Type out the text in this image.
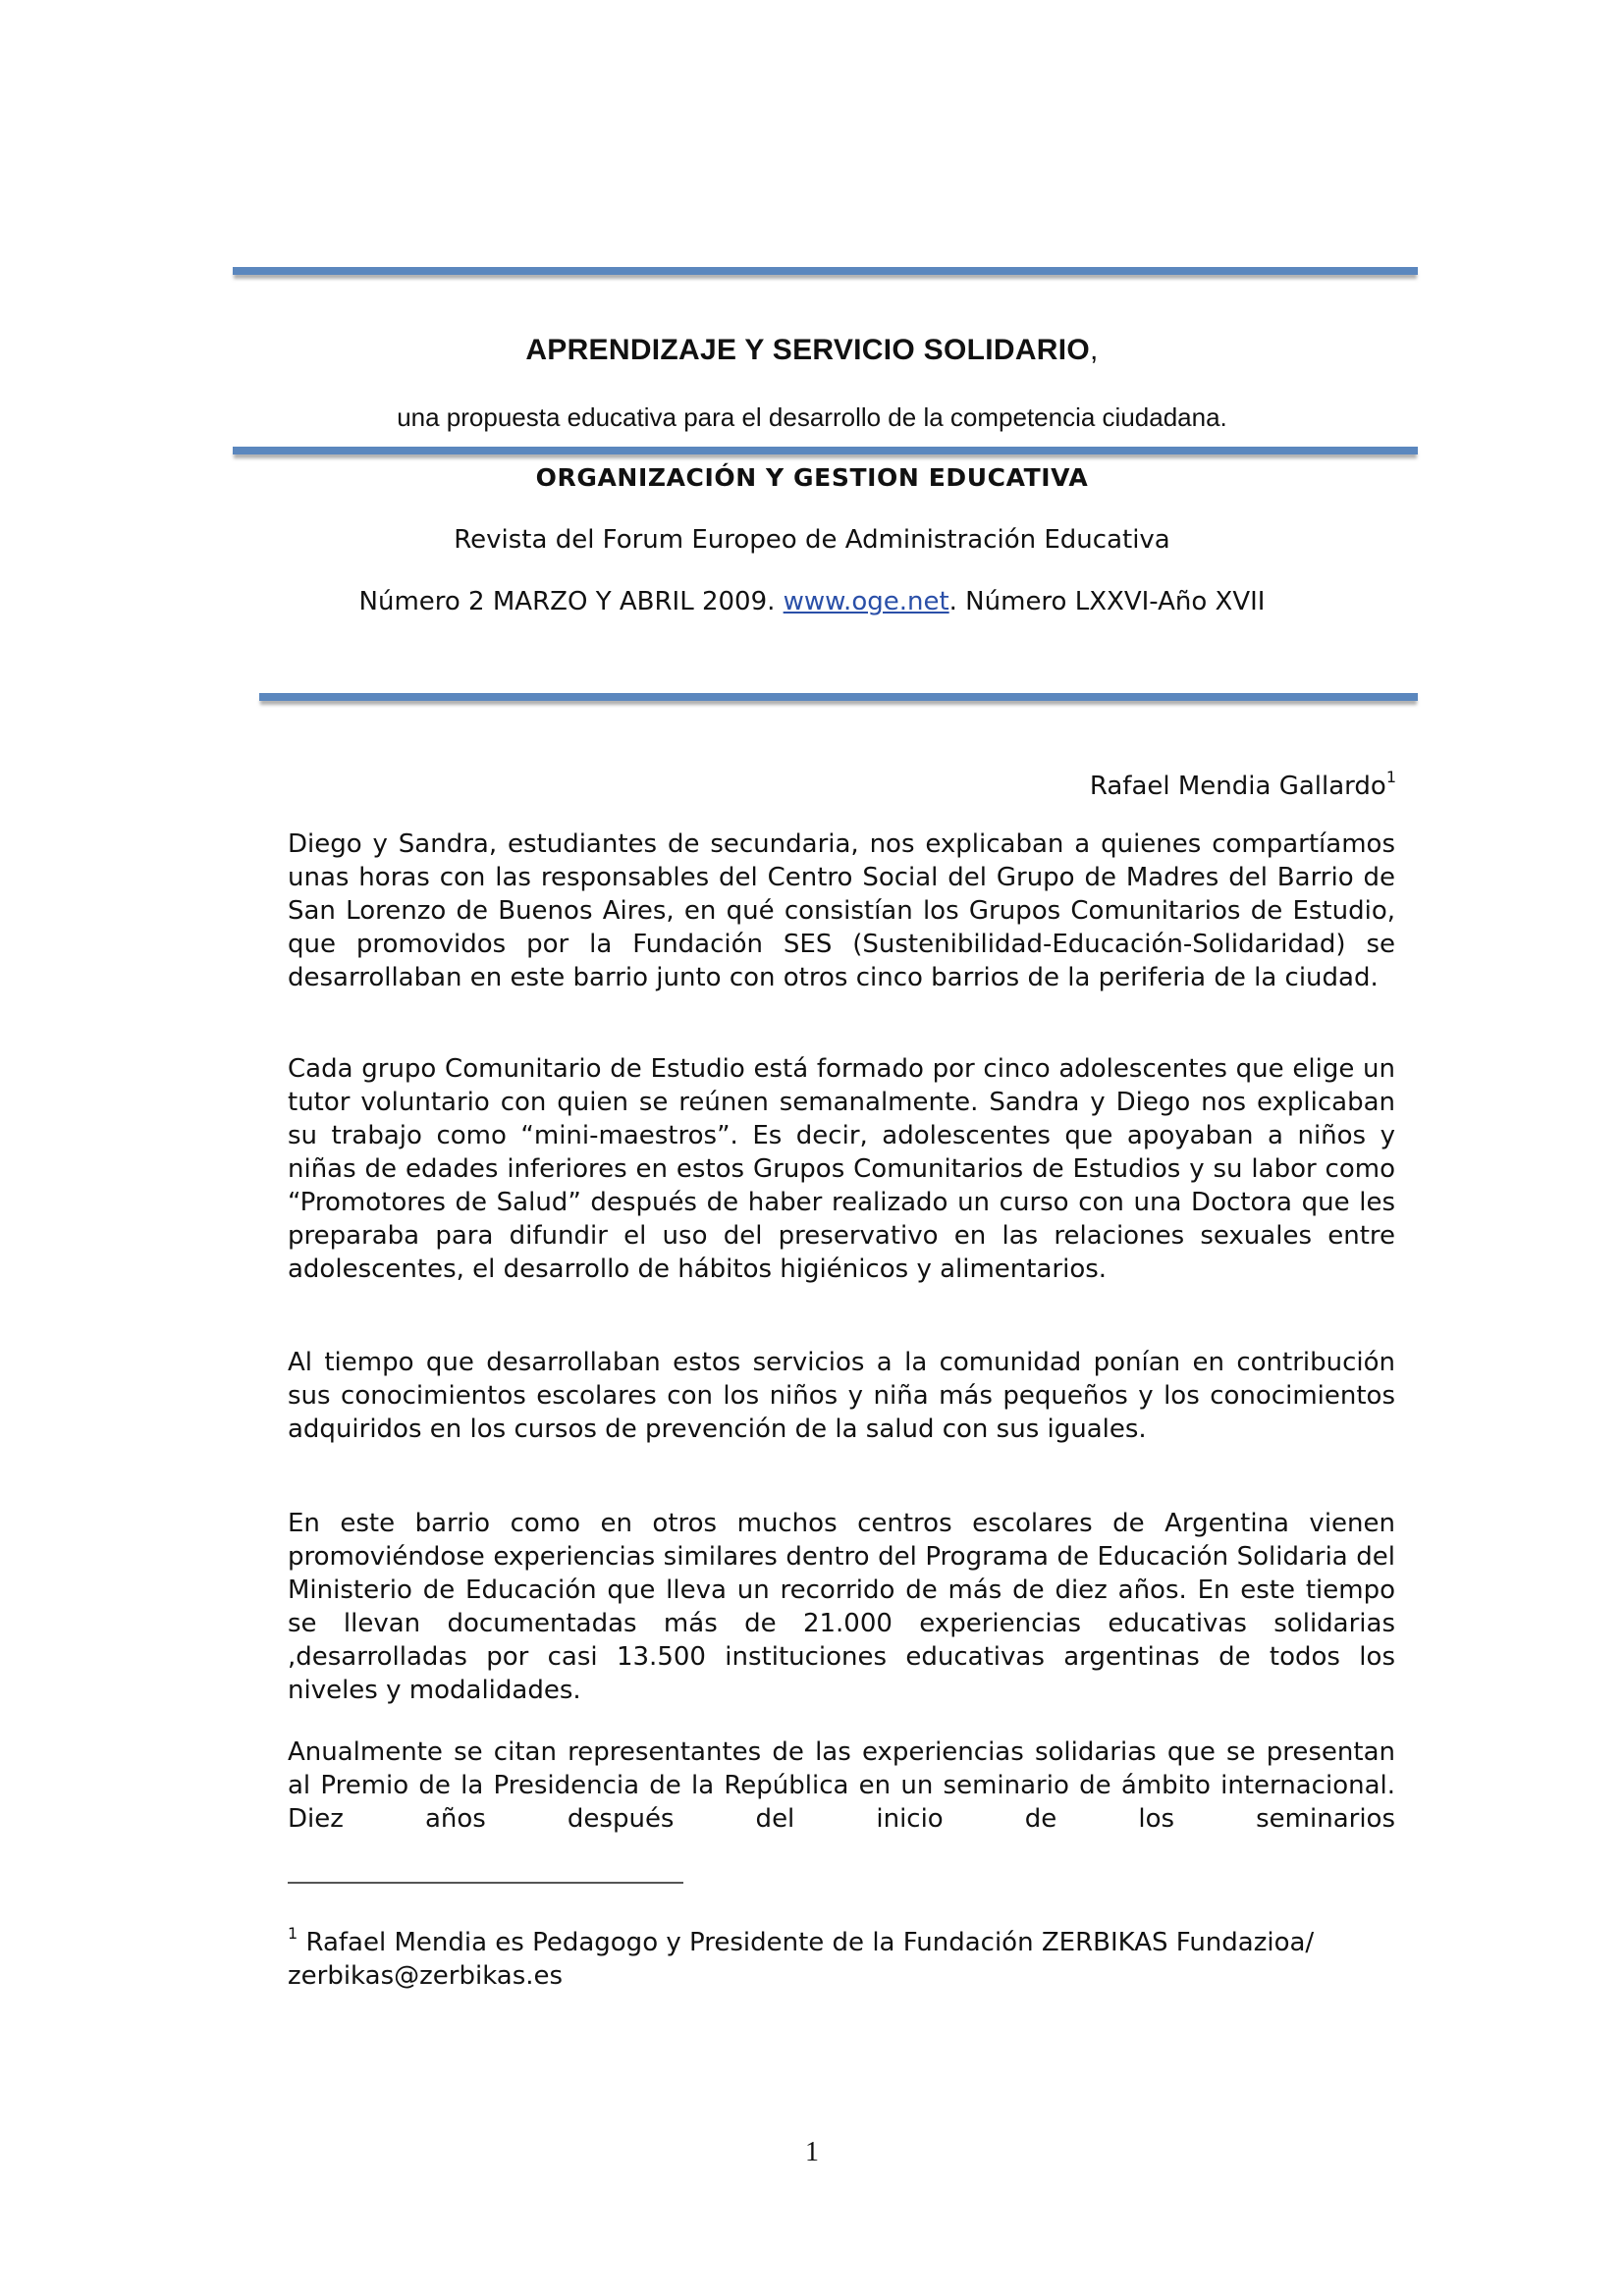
APRENDIZAJE Y SERVICIO SOLIDARIO,
una propuesta educativa para el desarrollo de la competencia ciudadana.
ORGANIZACIÓN Y GESTION EDUCATIVA
Revista del Forum Europeo de Administración Educativa
Número 2 MARZO Y ABRIL 2009. www.oge.net. Número LXXVI-Año XVII
Rafael Mendia Gallardo$^1$

Diego y Sandra, estudiantes de secundaria, nos explicaban a quienes compartíamos unas horas con las responsables del Centro Social del Grupo de Madres del Barrio de San Lorenzo de Buenos Aires, en qué consistían los Grupos Comunitarios de Estudio, que promovidos por la Fundación SES (Sustenibilidad-Educación-Solidaridad) se desarrollaban en este barrio junto con otros cinco barrios de la periferia de la ciudad.

Cada grupo Comunitario de Estudio está formado por cinco adolescentes que elige un tutor voluntario con quien se reúnen semanalmente. Sandra y Diego nos explicaban su trabajo como “mini-maestros”. Es decir, adolescentes que apoyaban a niños y niñas de edades inferiores en estos Grupos Comunitarios de Estudios y su labor como “Promotores de Salud” después de haber realizado un curso con una Doctora que les preparaba para difundir el uso del preservativo en las relaciones sexuales entre adolescentes, el desarrollo de hábitos higiénicos y alimentarios.

Al tiempo que desarrollaban estos servicios a la comunidad ponían en contribución sus conocimientos escolares con los niños y niña más pequeños y los conocimientos adquiridos en los cursos de prevención de la salud con sus iguales.

En este barrio como en otros muchos centros escolares de Argentina vienen promoviéndose experiencias similares dentro del Programa de Educación Solidaria del Ministerio de Educación que lleva un recorrido de más de diez años. En este tiempo se llevan documentadas más de 21.000 experiencias educativas solidarias ,desarrolladas por casi 13.500 instituciones educativas argentinas de todos los niveles y modalidades.

Anualmente se citan representantes de las experiencias solidarias que se presentan al Premio de la Presidencia de la República en un seminario de ámbito internacional. Diez años después del inicio de los seminarios

$^1$ Rafael Mendia es Pedagogo y Presidente de la Fundación ZERBIKAS Fundazioa/ zerbikas@zerbikas.es
1
